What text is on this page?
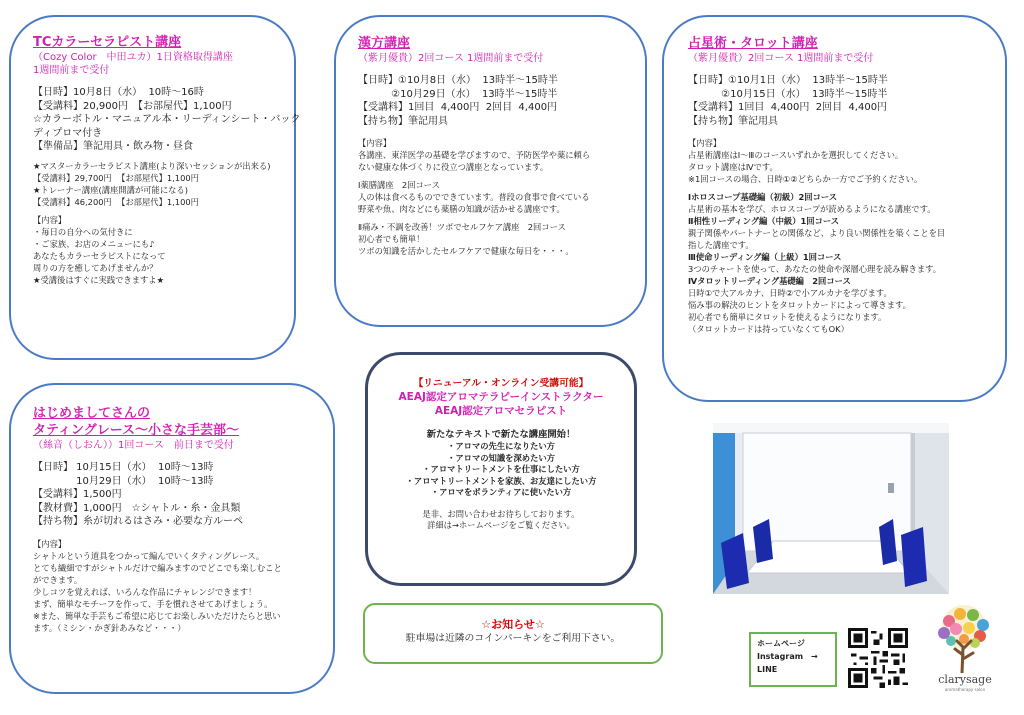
TCカラーセラピスト講座
（Cozy Color　中田ユカ）1日資格取得講座
1週間前まで受付
【日時】10月8日（水）  10時～16時
【受講料】20,900円　【お部屋代】1,100円
☆カラーボトル・マニュアル本・リーディンシート・バック
ディプロマ付き
【準備品】筆記用具・飲み物・昼食
★マスターカラーセラピスト講座(より深いセッションが出来る)
【受講料】29,700円  【お部屋代】1,100円
★トレーナー講座(講座開講が可能になる)
【受講料】46,200円  【お部屋代】1,100円
【内容】
・毎日の自分への気付きに
・ご家族、お店のメニューにも♪
あなたもカラーセラピストになって
周りの方を癒してあげませんか？
★受講後はすぐに実践できますよ★
漢方講座
（紫月優貴）2回コース 1週間前まで受付
【日時】①10月8日（水）  13時半～15時半
　　　 ②10月29日（水）  13時半～15時半
【受講料】1回目  4,400円  2回目  4,400円
【持ち物】筆記用具
【内容】
各講座、東洋医学の基礎を学びますので、予防医学や薬に頼ら
ない健康な体づくりに役立つ講座となっています。
Ⅰ薬膳講座　2回コース
人の体は食べるものでできています。普段の食事で食べている
野菜や魚、肉などにも薬膳の知識が活かせる講座です。
Ⅱ痛み・不調を改善！ツボでセルフケア講座　2回コース
初心者でも簡単！
ツボの知識を活かしたセルフケアで健康な毎日を・・・。
占星術・タロット講座
（紫月優貴）2回コース 1週間前まで受付
【日時】①10月1日（水）  13時半～15時半
　　　 ②10月15日（水）  13時半～15時半
【受講料】1回目  4,400円  2回目  4,400円
【持ち物】筆記用具
【内容】
占星術講座はⅠ～Ⅲのコースいずれかを選択してください。
タロット講座はⅣです。
※1回コースの場合、日時①②どちらか一方でご予約ください。
Ⅰホロスコープ基礎編（初級）2回コース
占星術の基本を学び、ホロスコープが読めるようになる講座です。
Ⅱ相性リーディング編（中級）1回コース
親子関係やパートナーとの関係など、より良い関係性を築くことを目
指した講座です。
Ⅲ使命リーディング編（上級）1回コース
3つのチャートを使って、あなたの使命や深層心理を読み解きます。
Ⅳタロットリーディング基礎編　2回コース
日時①で大アルカナ、日時②で小アルカナを学びます。
悩み事の解決のヒントをタロットカードによって導きます。
初心者でも簡単にタロットを使えるようになります。
（タロットカードは持っていなくてもOK）
はじめましてさんの
タティングレース～小さな手芸部～
（絲音（しおん））1回コース　前日まで受付
【日時】 10月15日（水）  10時～13時
　　　　 10月29日（水）  10時～13時
【受講料】1,500円
【教材費】1,000円　☆シャトル・糸・金具類
【持ち物】糸が切れるはさみ・必要な方ルーペ
【内容】
シャトルという道具をつかって編んでいくタティングレース。
とても繊細ですがシャトルだけで編みますのでどこでも楽しむこと
ができます。
少しコツを覚えれば、いろんな作品にチャレンジできます！
まず、簡単なモチーフを作って、手を慣れさせてあげましょう。
※また、簡単な手芸もご希望に応じてお楽しみいただけたらと思い
ます。（ミシン・かぎ針あみなど・・・）
【リニューアル・オンライン受講可能】
AEAJ認定アロマテラピーインストラクター
AEAJ認定アロマセラピスト
新たなテキストで新たな講座開始！
・アロマの先生になりたい方
・アロマの知識を深めたい方
・アロマトリートメントを仕事にしたい方
・アロマトリートメントを家族、お友達にしたい方
・アロマをボランティアに使いたい方
是非、お問い合わせお待ちしております。
詳細は→ホームページをご覧ください。
☆お知らせ☆
駐車場は近隣のコインパーキンをご利用下さい。	ホームページ
Instagram　→
LINE
clarysage
aromatherapy salon
